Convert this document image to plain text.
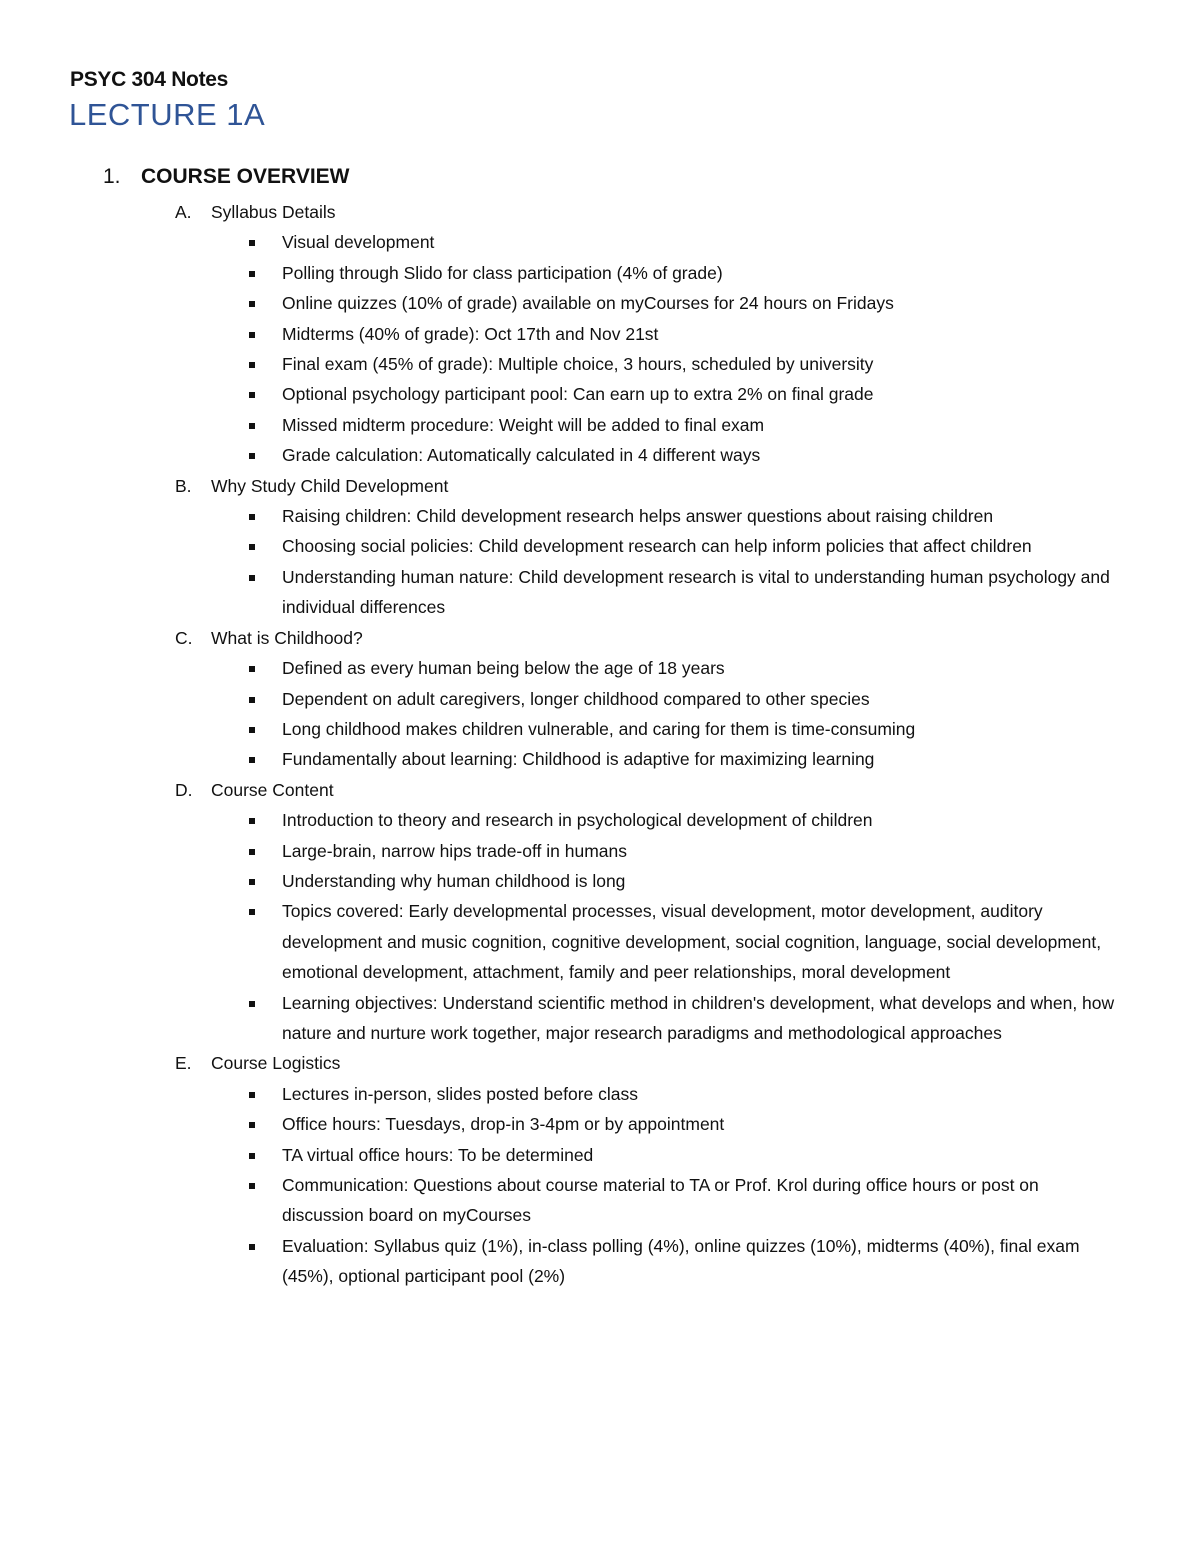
PSYC 304 Notes
LECTURE 1A
1. COURSE OVERVIEW
A.	Syllabus Details
Visual development
Polling through Slido for class participation (4% of grade)
Online quizzes (10% of grade) available on myCourses for 24 hours on Fridays
Midterms (40% of grade): Oct 17th and Nov 21st
Final exam (45% of grade): Multiple choice, 3 hours, scheduled by university
Optional psychology participant pool: Can earn up to extra 2% on final grade
Missed midterm procedure: Weight will be added to final exam
Grade calculation: Automatically calculated in 4 different ways
B.	Why Study Child Development
Raising children: Child development research helps answer questions about raising children
Choosing social policies: Child development research can help inform policies that affect children
Understanding human nature: Child development research is vital to understanding human psychology and individual differences
C.	What is Childhood?
Defined as every human being below the age of 18 years
Dependent on adult caregivers, longer childhood compared to other species
Long childhood makes children vulnerable, and caring for them is time-consuming
Fundamentally about learning: Childhood is adaptive for maximizing learning
D.	Course Content
Introduction to theory and research in psychological development of children
Large-brain, narrow hips trade-off in humans
Understanding why human childhood is long
Topics covered: Early developmental processes, visual development, motor development, auditory development and music cognition, cognitive development, social cognition, language, social development, emotional development, attachment, family and peer relationships, moral development
Learning objectives: Understand scientific method in children's development, what develops and when, how nature and nurture work together, major research paradigms and methodological approaches
E.	Course Logistics
Lectures in-person, slides posted before class
Office hours: Tuesdays, drop-in 3-4pm or by appointment
TA virtual office hours: To be determined
Communication: Questions about course material to TA or Prof. Krol during office hours or post on discussion board on myCourses
Evaluation: Syllabus quiz (1%), in-class polling (4%), online quizzes (10%), midterms (40%), final exam (45%), optional participant pool (2%)
